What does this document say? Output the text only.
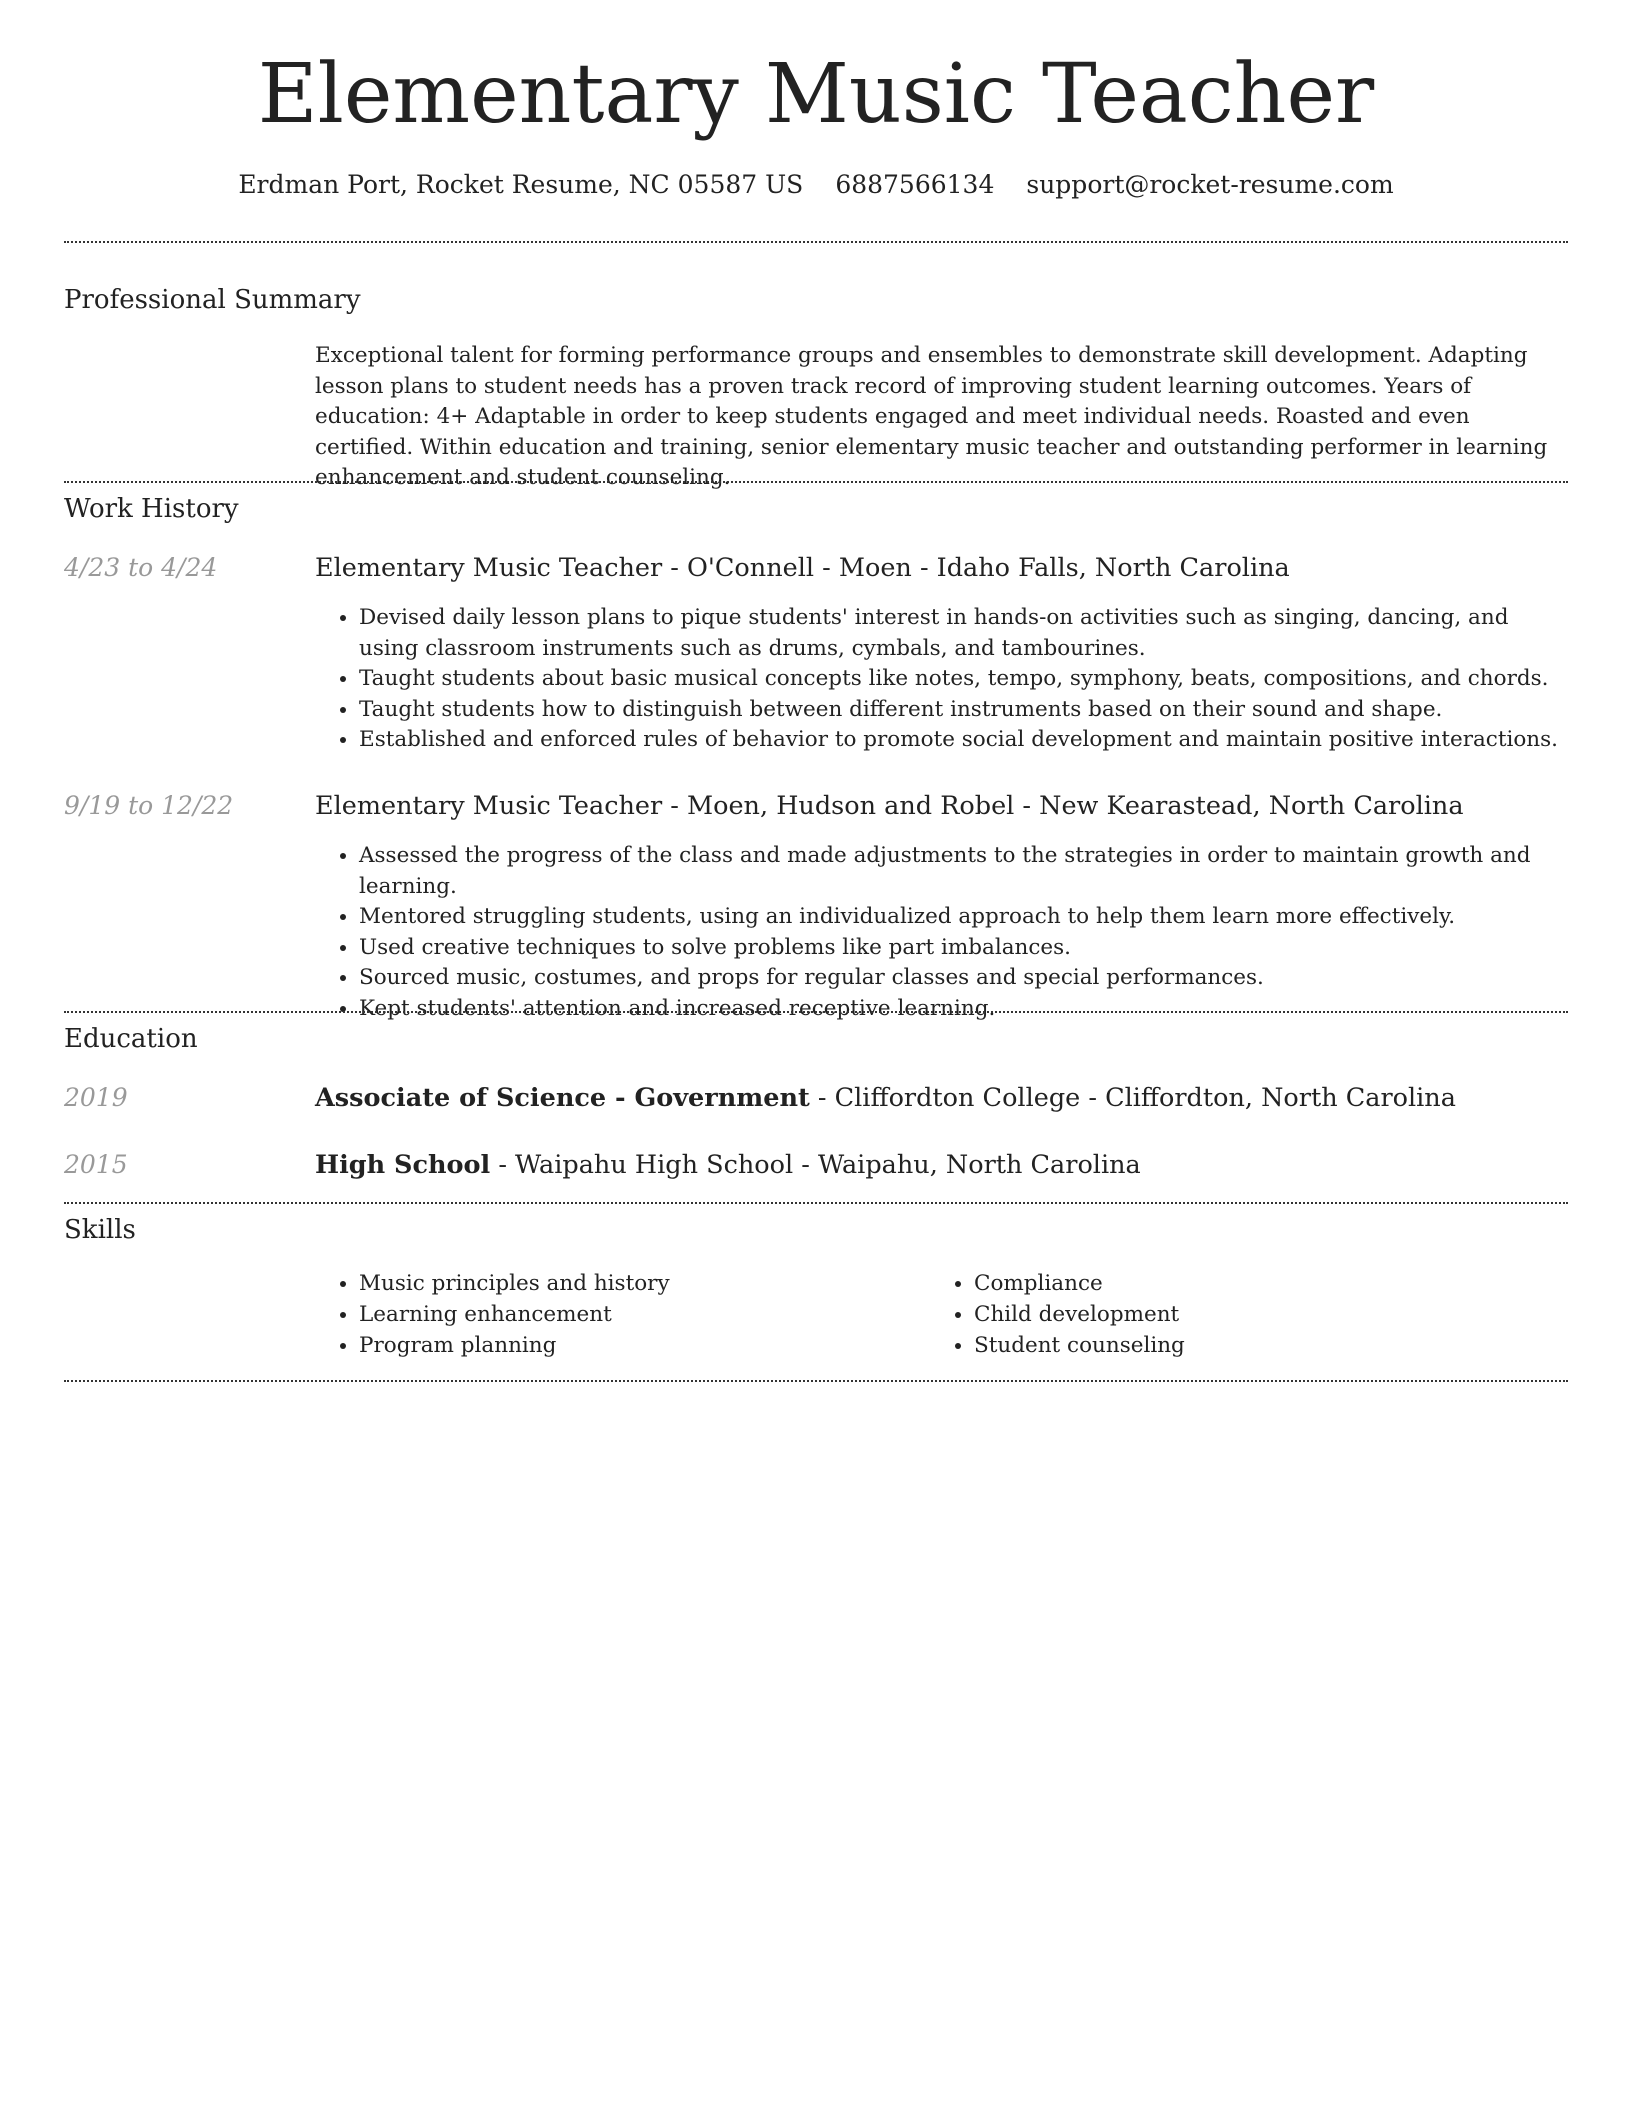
Elementary Music Teacher
Erdman Port, Rocket Resume, NC 05587 US 6887566134 support@rocket-resume.com
Professional Summary

Exceptional talent for forming performance groups and ensembles to demonstrate skill development. Adapting lesson plans to student needs has a proven track record of improving student learning outcomes. Years of education: 4+ Adaptable in order to keep students engaged and meet individual needs. Roasted and even certified. Within education and training, senior elementary music teacher and outstanding performer in learning enhancement and student counseling.

Work History
4/23 to 4/24	Elementary Music Teacher - O'Connell - Moen - Idaho Falls, North Carolina
• Devised daily lesson plans to pique students' interest in hands-on activities such as singing, dancing, and using classroom instruments such as drums, cymbals, and tambourines.
• Taught students about basic musical concepts like notes, tempo, symphony, beats, compositions, and chords.
• Taught students how to distinguish between different instruments based on their sound and shape.
• Established and enforced rules of behavior to promote social development and maintain positive interactions.
9/19 to 12/22	Elementary Music Teacher - Moen, Hudson and Robel - New Kearastead, North Carolina
• Assessed the progress of the class and made adjustments to the strategies in order to maintain growth and learning.
• Mentored struggling students, using an individualized approach to help them learn more effectively.
• Used creative techniques to solve problems like part imbalances.
• Sourced music, costumes, and props for regular classes and special performances.
• Kept students' attention and increased receptive learning.
Education
2019	Associate of Science - Government - Cliffordton College - Cliffordton, North Carolina
2015	High School - Waipahu High School - Waipahu, North Carolina
Skills
• Music principles and history
• Learning enhancement
• Program planning
• Compliance
• Child development
• Student counseling
